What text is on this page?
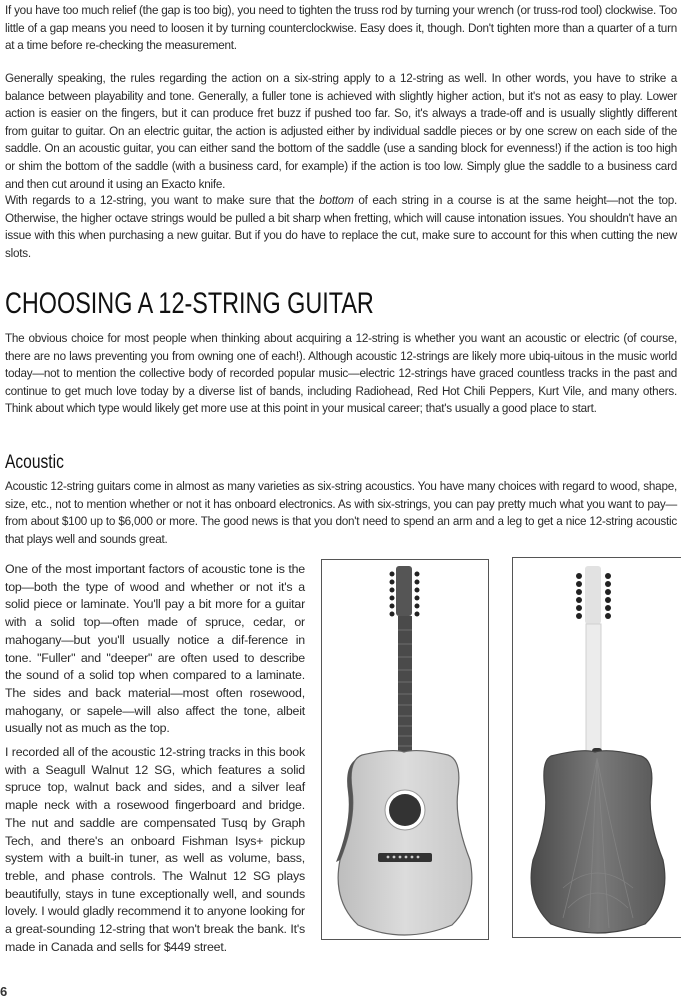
If you have too much relief (the gap is too big), you need to tighten the truss rod by turning your wrench (or truss-rod tool) clockwise. Too little of a gap means you need to loosen it by turning counterclockwise. Easy does it, though. Don't tighten more than a quarter of a turn at a time before re-checking the measurement.

Generally speaking, the rules regarding the action on a six-string apply to a 12-string as well. In other words, you have to strike a balance between playability and tone. Generally, a fuller tone is achieved with slightly higher action, but it's not as easy to play. Lower action is easier on the fingers, but it can produce fret buzz if pushed too far. So, it's always a trade-off and is usually slightly different from guitar to guitar. On an electric guitar, the action is adjusted either by individual saddle pieces or by one screw on each side of the saddle. On an acoustic guitar, you can either sand the bottom of the saddle (use a sanding block for evenness!) if the action is too high or shim the bottom of the saddle (with a business card, for example) if the action is too low. Simply glue the saddle to a business card and then cut around it using an Exacto knife.

With regards to a 12-string, you want to make sure that the bottom of each string in a course is at the same height—not the top. Otherwise, the higher octave strings would be pulled a bit sharp when fretting, which will cause intonation issues. You shouldn't have an issue with this when purchasing a new guitar. But if you do have to replace the cut, make sure to account for this when cutting the new slots.

CHOOSING A 12-STRING GUITAR

The obvious choice for most people when thinking about acquiring a 12-string is whether you want an acoustic or electric (of course, there are no laws preventing you from owning one of each!). Although acoustic 12-strings are likely more ubiq-uitous in the music world today—not to mention the collective body of recorded popular music—electric 12-strings have graced countless tracks in the past and continue to get much love today by a diverse list of bands, including Radiohead, Red Hot Chili Peppers, Kurt Vile, and many others. Think about which type would likely get more use at this point in your musical career; that's usually a good place to start.

Acoustic

Acoustic 12-string guitars come in almost as many varieties as six-string acoustics. You have many choices with regard to wood, shape, size, etc., not to mention whether or not it has onboard electronics. As with six-strings, you can pay pretty much what you want to pay—from about $100 up to $6,000 or more. The good news is that you don't need to spend an arm and a leg to get a nice 12-string acoustic that plays well and sounds great.

One of the most important factors of acoustic tone is the top—both the type of wood and whether or not it's a solid piece or laminate. You'll pay a bit more for a guitar with a solid top—often made of spruce, cedar, or mahogany—but you'll usually notice a dif-ference in tone. "Fuller" and "deeper" are often used to describe the sound of a solid top when compared to a laminate. The sides and back material—most often rosewood, mahogany, or sapele—will also affect the tone, albeit usually not as much as the top.

I recorded all of the acoustic 12-string tracks in this book with a Seagull Walnut 12 SG, which features a solid spruce top, walnut back and sides, and a silver leaf maple neck with a rosewood fingerboard and bridge. The nut and saddle are compensated Tusq by Graph Tech, and there's an onboard Fishman Isys+ pickup system with a built-in tuner, as well as volume, bass, treble, and phase controls. The Walnut 12 SG plays beautifully, stays in tune exceptionally well, and sounds lovely. I would gladly recommend it to anyone looking for a great-sounding 12-string that won't break the bank. It's made in Canada and sells for $449 street.

6
